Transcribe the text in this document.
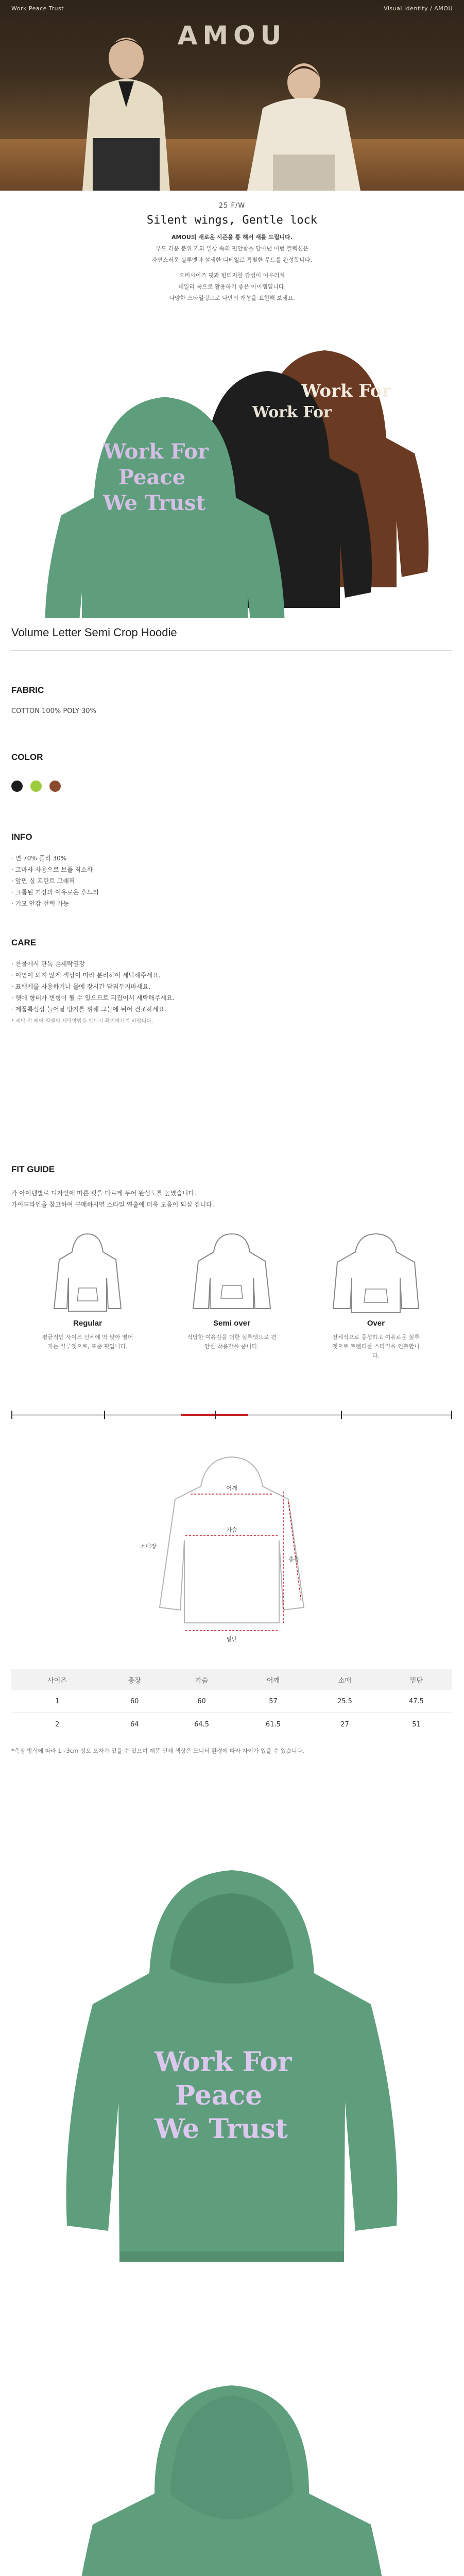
Work Peace Trust	Visual Identity / AMOU
AMOU
25 F/W
Silent wings, Gentle lock

AMOU의 새로운 시즌을 통 해서 새를 드립니다.

부드 러운 분위 기와 일상 속의 편안함을 담아낸 이번 컬렉션은

자연스러운 실루엣과 섬세한 디테일로 특별한 무드를 완성합니다.

오버사이즈 핏과 빈티지한 감성이 어우러져

데일리 룩으로 활용하기 좋은 아이템입니다.

다양한 스타일링으로 나만의 개성을 표현해 보세요.

Work For
Work For
Work For
Peace
We Trust
Volume Letter Semi Crop Hoodie
FABRIC
COTTON 100% POLY 30%
COLOR

INFO
· 면 70% 폴리 30%
· 코마사 사용으로 보풀 최소화
· 앞면 실 프린트 그래픽
· 크롭된 기장의 여유로운 후드티
· 기모 안감 선택 가능
CARE
· 찬물에서 단독 손세탁권장
· 이염이 되지 않게 색상이 따라 분리하여 세탁해주세요.
· 표백제를 사용하거나 물에 장시간 담궈두지마세요.
· 햇에 형태가 변형이 될 수 있으므로 뒤집어서 세탁해주세요.
· 제품특성상 늘어날 방지를 위해 그늘에 뉘어 건조하세요.
* 세탁 전 케어 라벨의 세탁방법을 반드시 확인하시기 바랍니다.
FIT GUIDE
각 아이템별로 디자인에 따른 핏을 다르게 두어 완성도를 높였습니다.
가이드라인을 참고하여 구매하시면 스타일 연출에 더욱 도움이 되실 겁니다.
Regular
평균적인 사이즈 신체에 딱 맞아 떨어지는 실루엣으로, 표준 핏입니다.
Semi over
적당한 여유감을 더한 실루엣으로 편안한 착용감을 줍니다.
Over
전체적으로 풍성하고 여유로운 실루엣으로 트렌디한 스타일을 연출합니다.
어깨
가슴
총장
소매장
밑단
사이즈	총장	가슴	어깨	소매	밑단
1	60	60	57	25.5	47.5
2	64	64.5	61.5	27	51
*측정 방식에 따라 1~3cm 정도 오차가 있을 수 있으며 제품 인쇄 색상은 모니터 환경에 따라 차이가 있을 수 있습니다.
Work For
Peace
We Trust
